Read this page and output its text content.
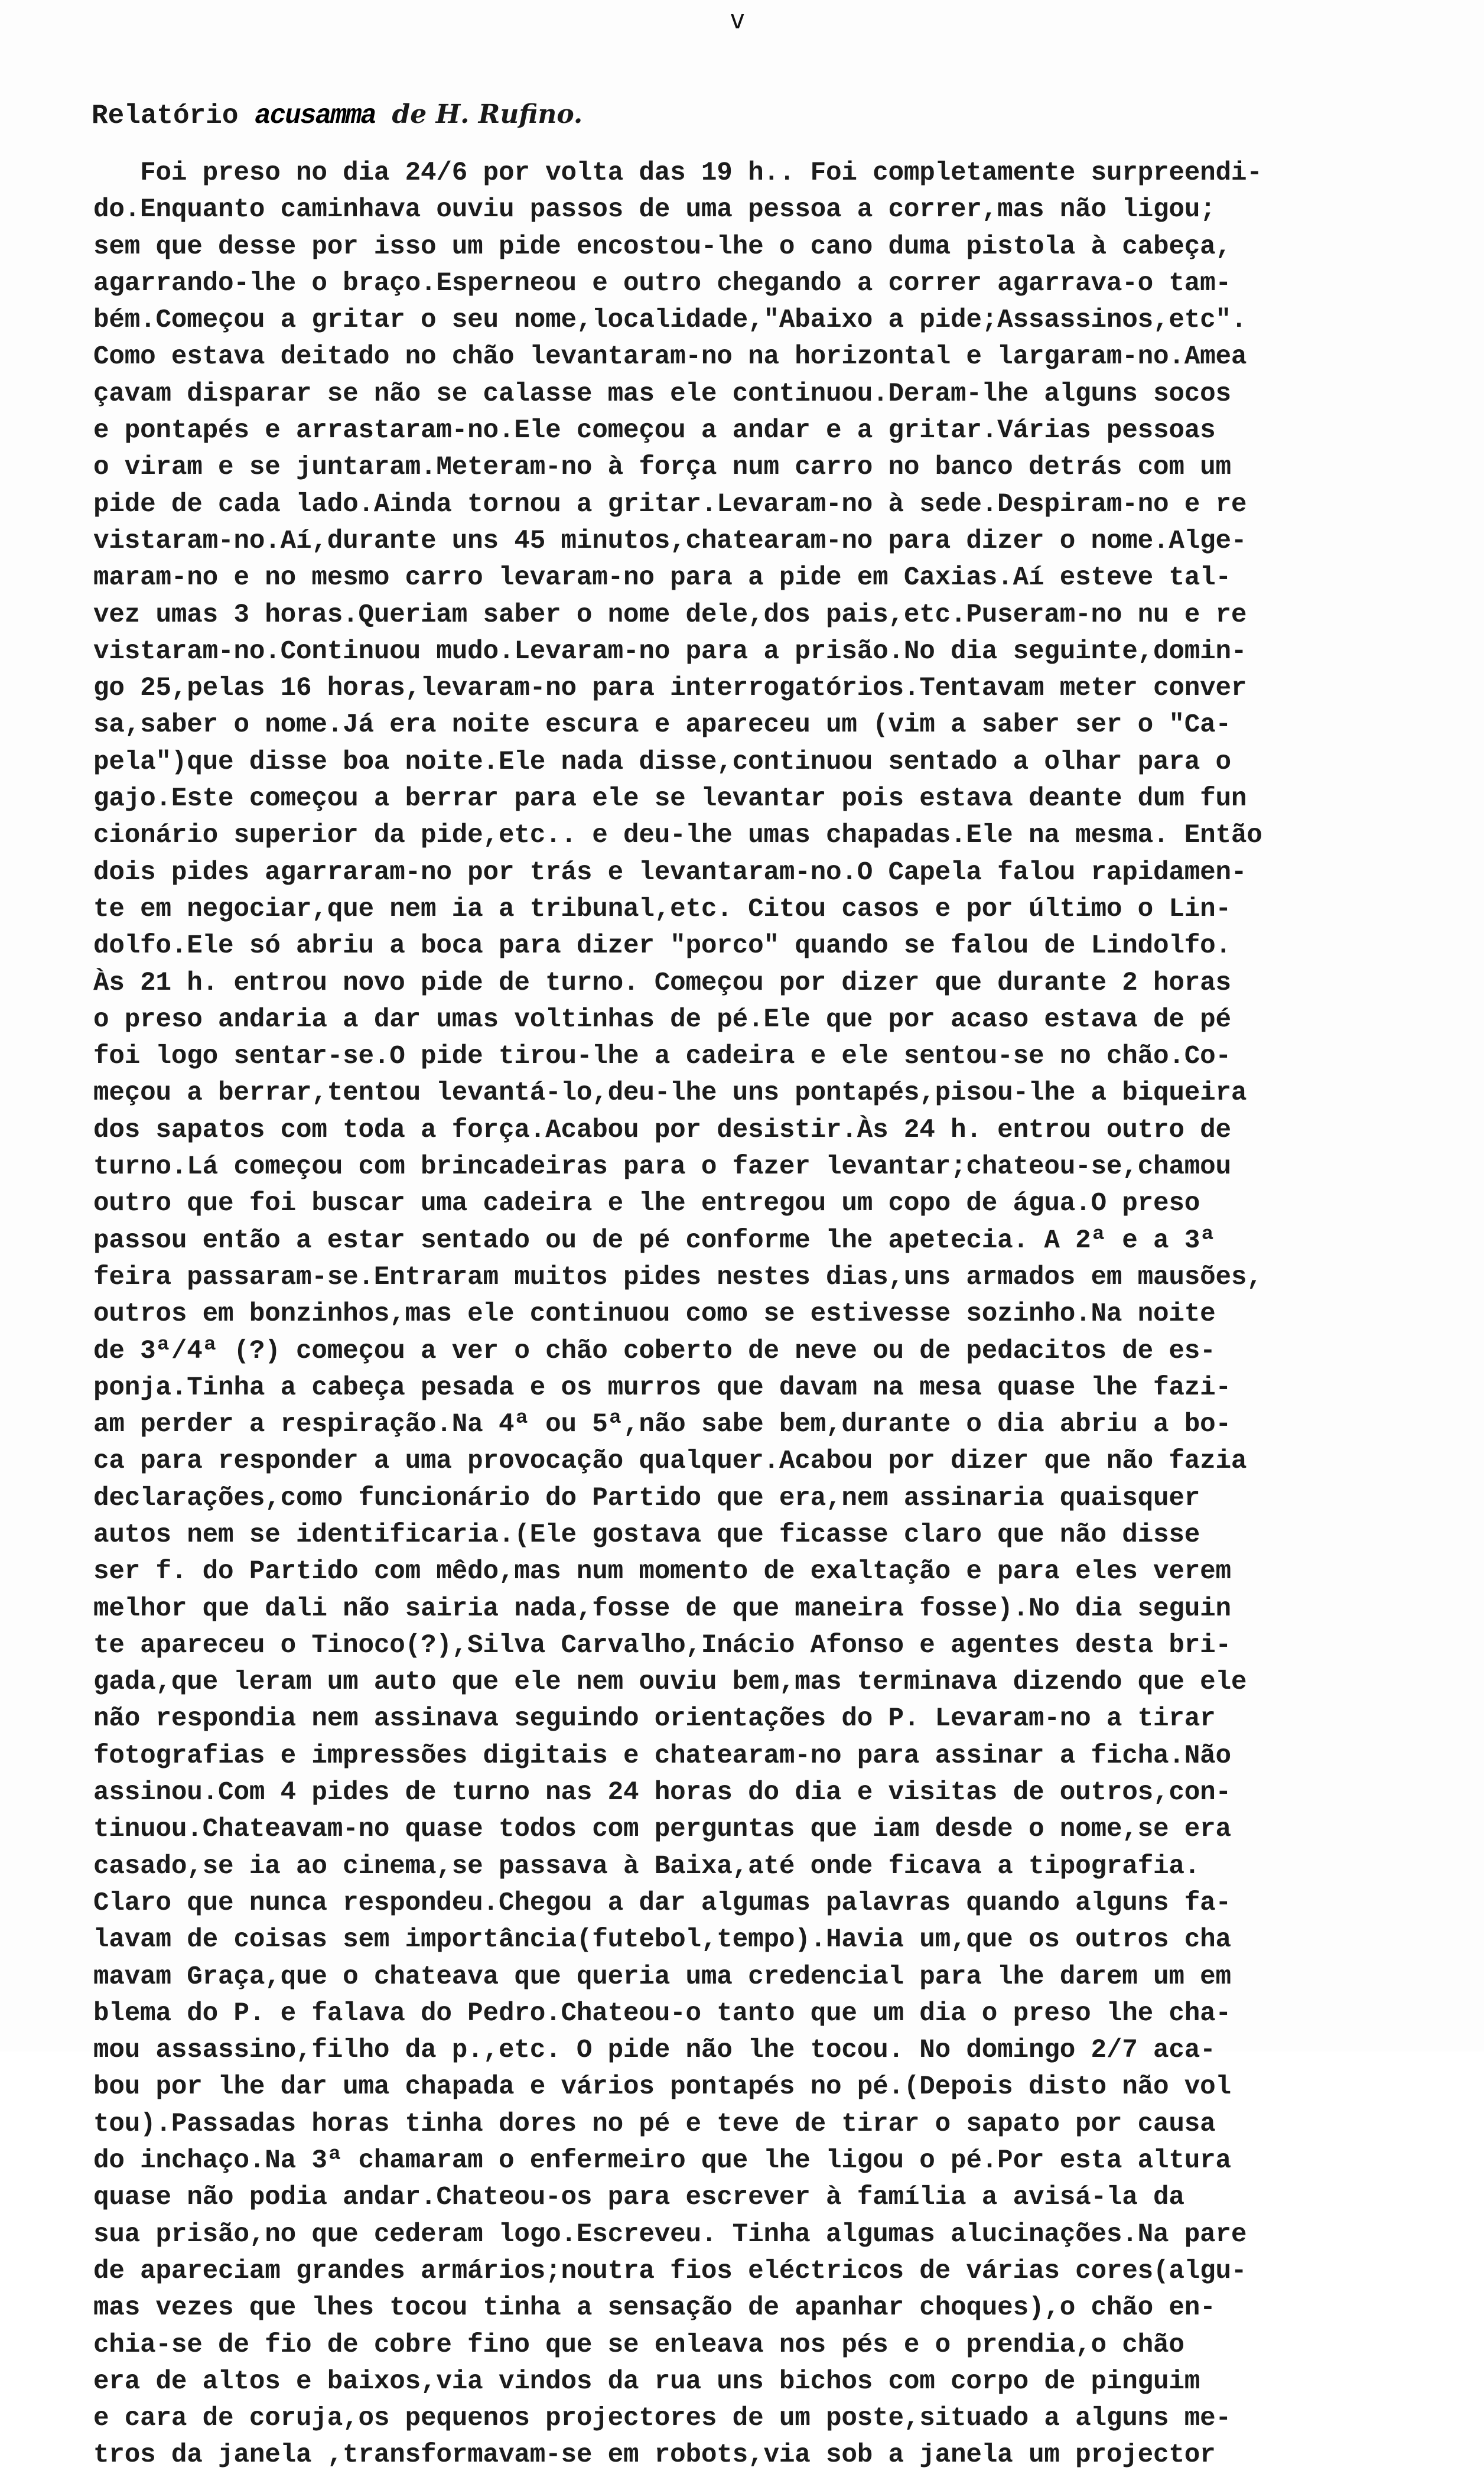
v
Relatório acusamma de H. Rufino.
Foi preso no dia 24/6 por volta das 19 h.. Foi completamente surpreendi-
do.Enquanto caminhava ouviu passos de uma pessoa a correr,mas não ligou;
sem que desse por isso um pide encostou-lhe o cano duma pistola à cabeça,
agarrando-lhe o braço.Esperneou e outro chegando a correr agarrava-o tam-
bém.Começou a gritar o seu nome,localidade,"Abaixo a pide;Assassinos,etc".
Como estava deitado no chão levantaram-no na horizontal e largaram-no.Amea
çavam disparar se não se calasse mas ele continuou.Deram-lhe alguns socos
e pontapés e arrastaram-no.Ele começou a andar e a gritar.Várias pessoas
o viram e se juntaram.Meteram-no à força num carro no banco detrás com um
pide de cada lado.Ainda tornou a gritar.Levaram-no à sede.Despiram-no e re
vistaram-no.Aí,durante uns 45 minutos,chatearam-no para dizer o nome.Alge-
maram-no e no mesmo carro levaram-no para a pide em Caxias.Aí esteve tal-
vez umas 3 horas.Queriam saber o nome dele,dos pais,etc.Puseram-no nu e re
vistaram-no.Continuou mudo.Levaram-no para a prisão.No dia seguinte,domin-
go 25,pelas 16 horas,levaram-no para interrogatórios.Tentavam meter conver
sa,saber o nome.Já era noite escura e apareceu um (vim a saber ser o "Ca-
pela")que disse boa noite.Ele nada disse,continuou sentado a olhar para o
gajo.Este começou a berrar para ele se levantar pois estava deante dum fun
cionário superior da pide,etc.. e deu-lhe umas chapadas.Ele na mesma. Então
dois pides agarraram-no por trás e levantaram-no.O Capela falou rapidamen-
te em negociar,que nem ia a tribunal,etc. Citou casos e por último o Lin-
dolfo.Ele só abriu a boca para dizer "porco" quando se falou de Lindolfo.
Às 21 h. entrou novo pide de turno. Começou por dizer que durante 2 horas
o preso andaria a dar umas voltinhas de pé.Ele que por acaso estava de pé
foi logo sentar-se.O pide tirou-lhe a cadeira e ele sentou-se no chão.Co-
meçou a berrar,tentou levantá-lo,deu-lhe uns pontapés,pisou-lhe a biqueira
dos sapatos com toda a força.Acabou por desistir.Às 24 h. entrou outro de
turno.Lá começou com brincadeiras para o fazer levantar;chateou-se,chamou
outro que foi buscar uma cadeira e lhe entregou um copo de água.O preso
passou então a estar sentado ou de pé conforme lhe apetecia. A 2ª e a 3ª
feira passaram-se.Entraram muitos pides nestes dias,uns armados em mausões,
outros em bonzinhos,mas ele continuou como se estivesse sozinho.Na noite
de 3ª/4ª (?) começou a ver o chão coberto de neve ou de pedacitos de es-
ponja.Tinha a cabeça pesada e os murros que davam na mesa quase lhe fazi-
am perder a respiração.Na 4ª ou 5ª,não sabe bem,durante o dia abriu a bo-
ca para responder a uma provocação qualquer.Acabou por dizer que não fazia
declarações,como funcionário do Partido que era,nem assinaria quaisquer
autos nem se identificaria.(Ele gostava que ficasse claro que não disse
ser f. do Partido com mêdo,mas num momento de exaltação e para eles verem
melhor que dali não sairia nada,fosse de que maneira fosse).No dia seguin
te apareceu o Tinoco(?),Silva Carvalho,Inácio Afonso e agentes desta bri-
gada,que leram um auto que ele nem ouviu bem,mas terminava dizendo que ele
não respondia nem assinava seguindo orientações do P. Levaram-no a tirar
fotografias e impressões digitais e chatearam-no para assinar a ficha.Não
assinou.Com 4 pides de turno nas 24 horas do dia e visitas de outros,con-
tinuou.Chateavam-no quase todos com perguntas que iam desde o nome,se era
casado,se ia ao cinema,se passava à Baixa,até onde ficava a tipografia.
Claro que nunca respondeu.Chegou a dar algumas palavras quando alguns fa-
lavam de coisas sem importância(futebol,tempo).Havia um,que os outros cha
mavam Graça,que o chateava que queria uma credencial para lhe darem um em
blema do P. e falava do Pedro.Chateou-o tanto que um dia o preso lhe cha-
mou assassino,filho da p.,etc. O pide não lhe tocou. No domingo 2/7 aca-
bou por lhe dar uma chapada e vários pontapés no pé.(Depois disto não vol
tou).Passadas horas tinha dores no pé e teve de tirar o sapato por causa
do inchaço.Na 3ª chamaram o enfermeiro que lhe ligou o pé.Por esta altura
quase não podia andar.Chateou-os para escrever à família a avisá-la da
sua prisão,no que cederam logo.Escreveu. Tinha algumas alucinações.Na pare
de apareciam grandes armários;noutra fios eléctricos de várias cores(algu-
mas vezes que lhes tocou tinha a sensação de apanhar choques),o chão en-
chia-se de fio de cobre fino que se enleava nos pés e o prendia,o chão
era de altos e baixos,via vindos da rua uns bichos com corpo de pinguim
e cara de coruja,os pequenos projectores de um poste,situado a alguns me-
tros da janela ,transformavam-se em robots,via sob a janela um projector
